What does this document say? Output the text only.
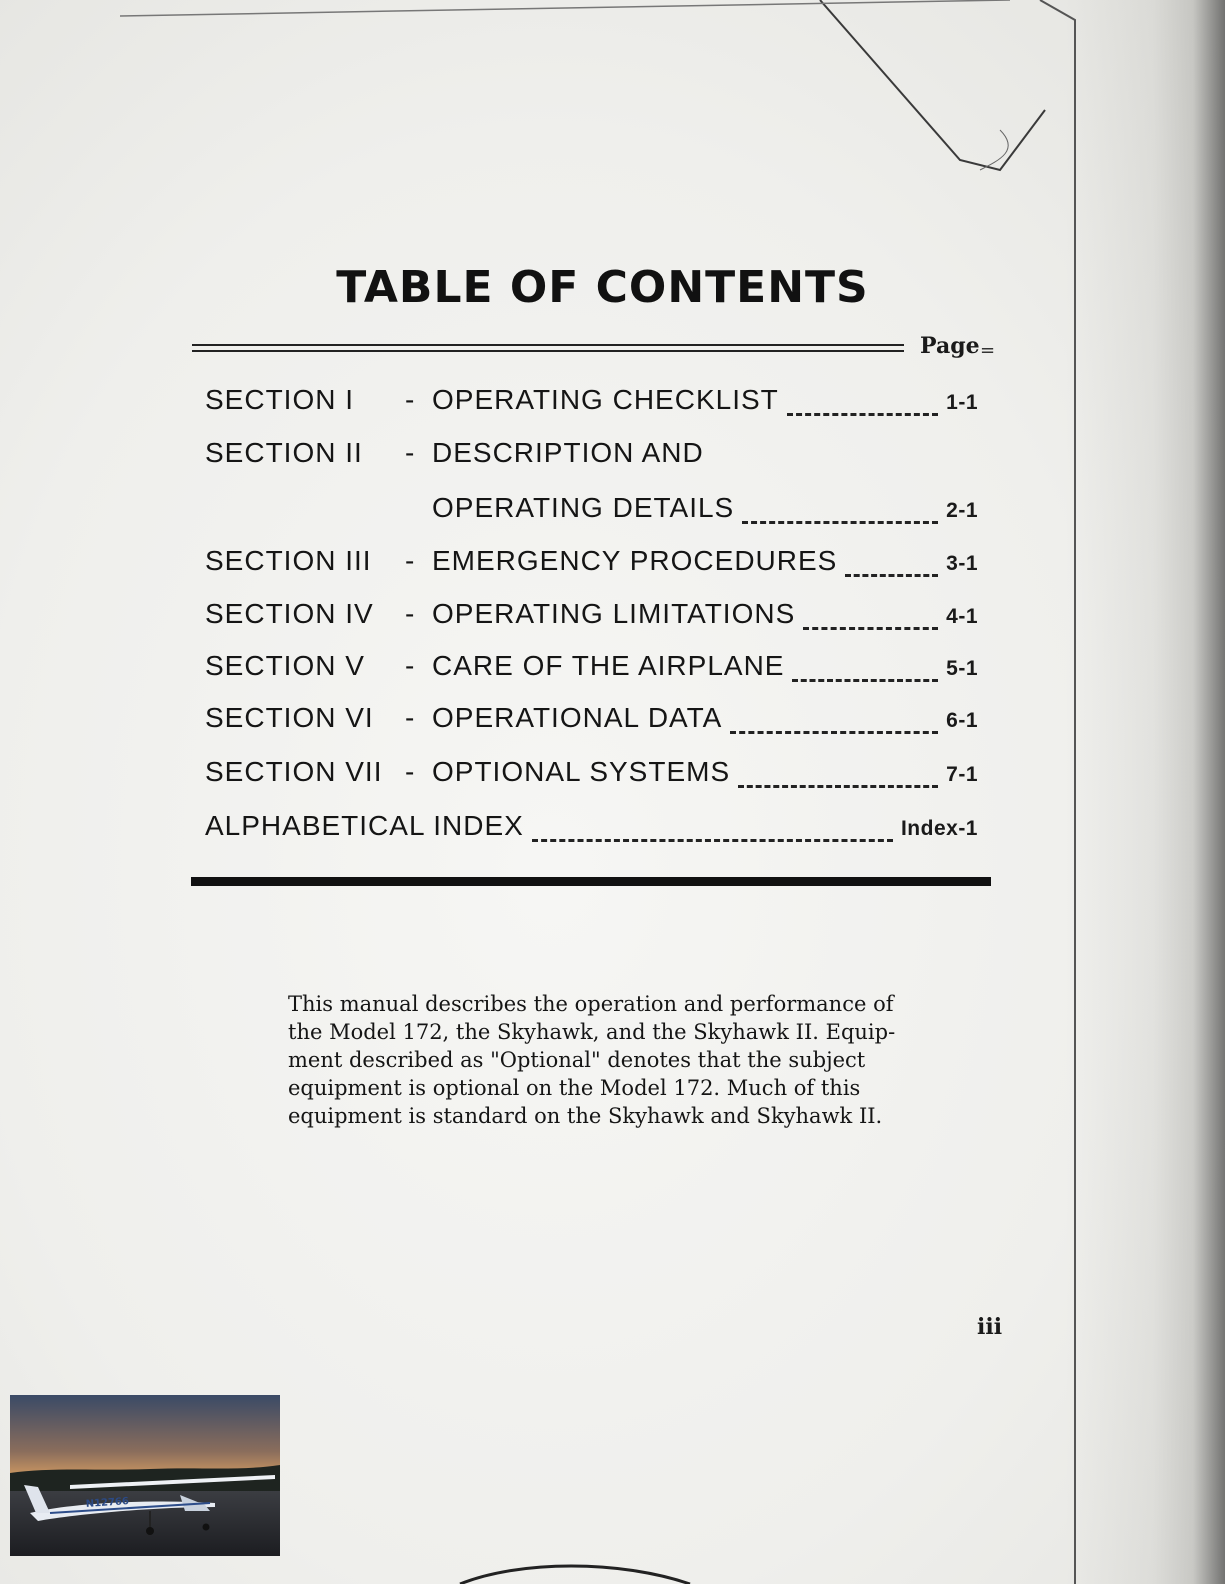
TABLE OF CONTENTS
Page =
SECTION I	- OPERATING CHECKLIST	1-1
SECTION II	- DESCRIPTION AND
OPERATING DETAILS	2-1
SECTION III	- EMERGENCY PROCEDURES	3-1
SECTION IV	- OPERATING LIMITATIONS	4-1
SECTION V	- CARE OF THE AIRPLANE	5-1
SECTION VI	- OPERATIONAL DATA	6-1
SECTION VII - OPTIONAL SYSTEMS	7-1
ALPHABETICAL INDEX	Index-1

This manual describes the operation and performance of

the Model 172, the Skyhawk, and the Skyhawk II. Equip-

ment described as "Optional" denotes that the subject

equipment is optional on the Model 172. Much of this

equipment is standard on the Skyhawk and Skyhawk II.

iii
N12766
